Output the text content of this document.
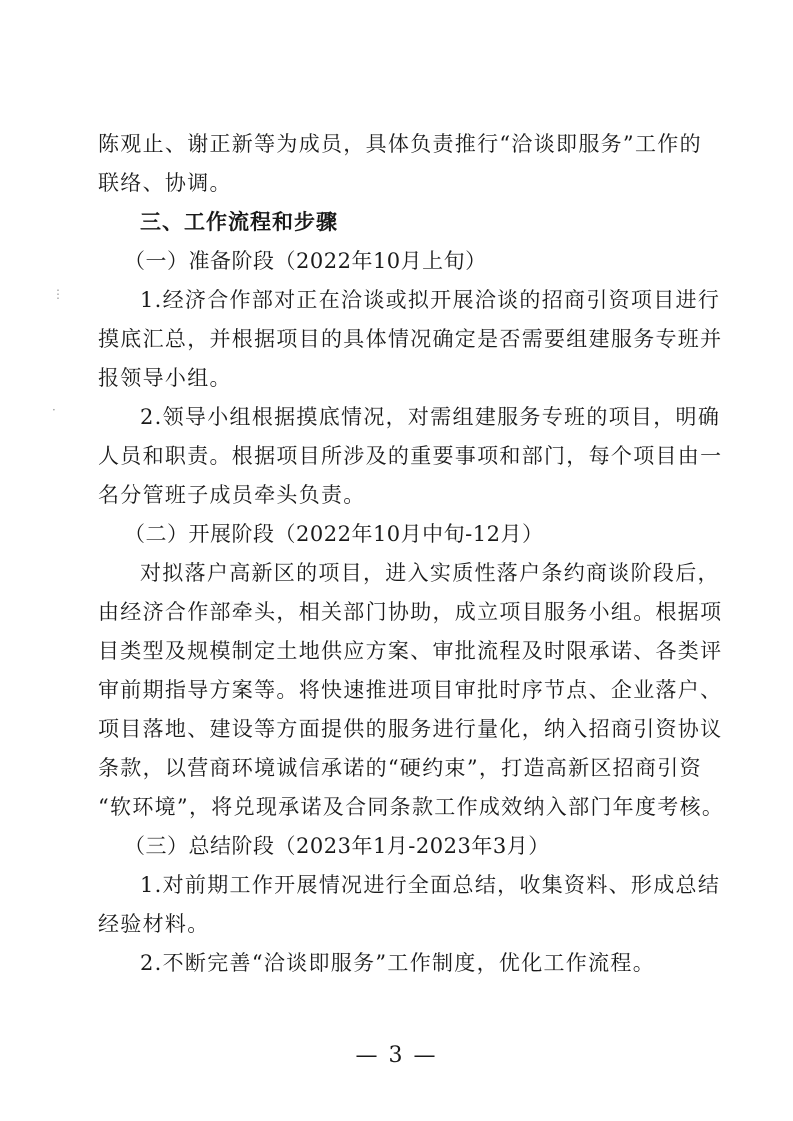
⋮
·
陈观止、谢正新等为成员，具体负责推行“洽谈即服务”工作的
联络、协调。
三、工作流程和步骤
（一）准备阶段（2022年10月上旬）
1.经济合作部对正在洽谈或拟开展洽谈的招商引资项目进行
摸底汇总，并根据项目的具体情况确定是否需要组建服务专班并
报领导小组。
2.领导小组根据摸底情况，对需组建服务专班的项目，明确
人员和职责。根据项目所涉及的重要事项和部门，每个项目由一
名分管班子成员牵头负责。
（二）开展阶段（2022年10月中旬-12月）
对拟落户高新区的项目，进入实质性落户条约商谈阶段后，
由经济合作部牵头，相关部门协助，成立项目服务小组。根据项
目类型及规模制定土地供应方案、审批流程及时限承诺、各类评
审前期指导方案等。将快速推进项目审批时序节点、企业落户、
项目落地、建设等方面提供的服务进行量化，纳入招商引资协议
条款，以营商环境诚信承诺的“硬约束”，打造高新区招商引资
“软环境”，将兑现承诺及合同条款工作成效纳入部门年度考核。
（三）总结阶段（2023年1月-2023年3月）
1.对前期工作开展情况进行全面总结，收集资料、形成总结
经验材料。
2.不断完善“洽谈即服务”工作制度，优化工作流程。
— 3 —
